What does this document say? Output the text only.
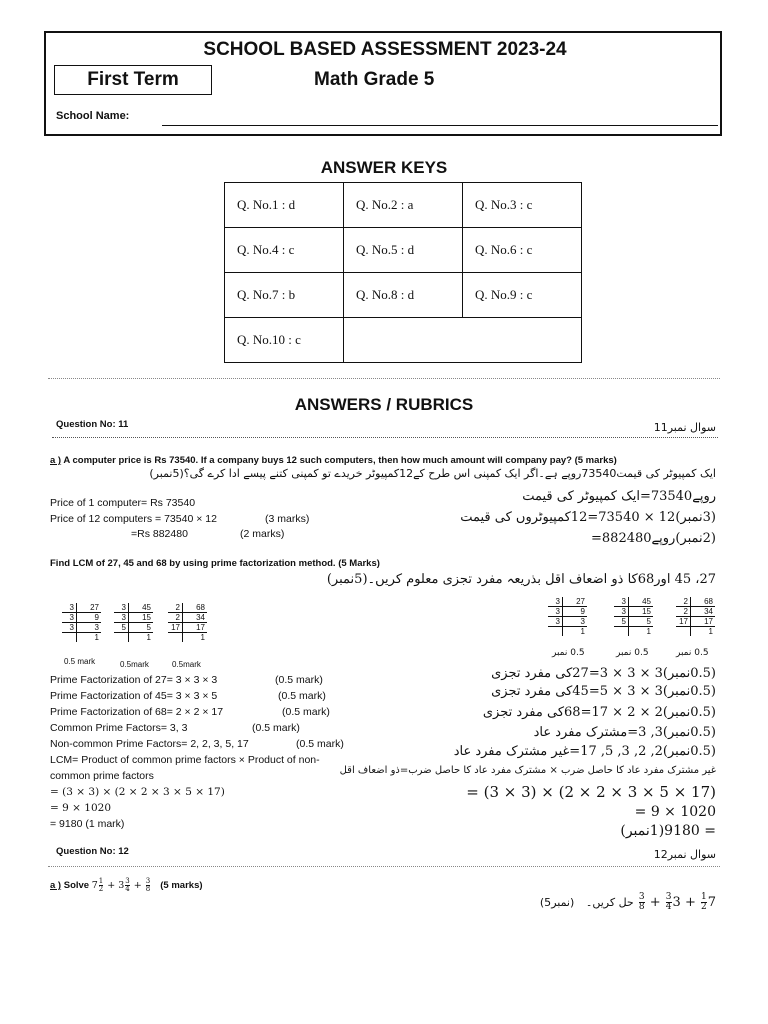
SCHOOL BASED ASSESSMENT 2023-24
First Term	Math Grade 5
School Name:
ANSWER KEYS
Q. No.1 : d	Q. No.2 : a	Q. No.3 : c
Q. No.4 : c	Q. No.5 : d	Q. No.6 : c
Q. No.7 : b	Q. No.8 : d	Q. No.9 : c
Q. No.10 : c		
ANSWERS / RUBRICS
Question No: 11	سوال نمبر11
a ) A computer price is Rs 73540. If a company buys 12 such computers, then how much amount will company pay? (5 marks)
ایک کمپیوٹر کی قیمت73540روپے ہے۔اگر ایک کمپنی اس طرح کے12کمپیوٹر خریدے تو کمپنی کتنے پیسے ادا کرے گی؟(5نمبر)
Price of 1 computer= Rs 73540
Price of 12 computers = 73540 × 12	(3 marks)
=Rs 882480	(2 marks)
روپے73540=ایک کمپیوٹر کی قیمت
(3نمبر)12 × 73540=12کمپیوٹروں کی قیمت
(2نمبر)روپے882480=
Find LCM of 27, 45 and 68 by using prime factorization method. (5 Marks)
27، 45 اور68کا ذو اضعاف اقل بذریعہ مفرد تجزی معلوم کریں۔(5نمبر)
3	27
3	9
3	3
	1
3	45
3	15
5	5
	1
2	68
2	34
17	17
	1
0.5 mark	0.5mark	0.5mark
3	27
3	9
3	3
	1
3	45
3	15
5	5
	1
2	68
2	34
17	17
	1
0.5 نمبر	0.5 نمبر	0.5 نمبر
Prime Factorization of 27= 3 × 3 × 3	(0.5 mark)
Prime Factorization of 45= 3 × 3 × 5	(0.5 mark)
Prime Factorization of 68= 2 × 2 × 17	(0.5 mark)
Common Prime Factors= 3, 3	(0.5 mark)
Non-common Prime Factors= 2, 2, 3, 5, 17	(0.5 mark)
LCM= Product of common prime factors × Product of non-
common prime factors
= (3 × 3) × (2 × 2 × 3 × 5 × 17)
= 9 × 1020
= 9180 (1 mark)
(0.5نمبر)3 × 3 × 3=27کی مفرد تجزی
(0.5نمبر)3 × 3 × 5=45کی مفرد تجزی
(0.5نمبر)2 × 2 × 17=68کی مفرد تجزی
(0.5نمبر)3, 3=مشترک مفرد عاد
(0.5نمبر)2, 2, 3, 5, 17=غیر مشترک مفرد عاد
غیر مشترک مفرد عاد کا حاصل ضرب × مشترک مفرد عاد کا حاصل ضرب=ذو اضعاف اقل
= (3 × 3) × (2 × 2 × 3 × 5 × 17)
= 9 × 1020
= 9180(1نمبر)
Question No: 12	سوال نمبر12
a ) Solve $7 \frac{1}{2} + 3 \frac{3}{4} + \frac{3}{8} (5$ marks)
(5نمبر)	7
$\frac{1}{2}$
+ 3
$\frac{3}{4}$
+
$\frac{3}{8}$
حل کریں۔
